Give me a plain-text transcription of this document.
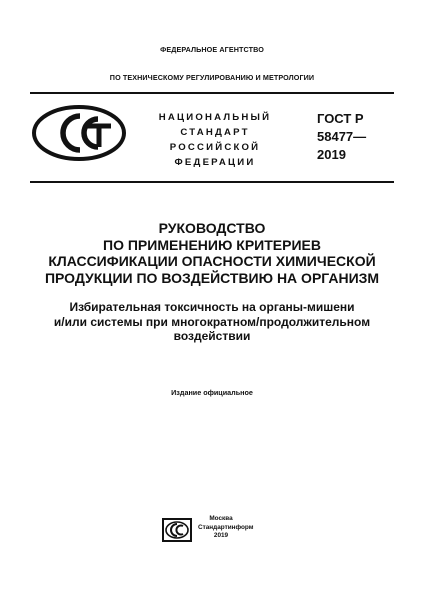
ФЕДЕРАЛЬНОЕ АГЕНТСТВО
ПО ТЕХНИЧЕСКОМУ РЕГУЛИРОВАНИЮ И МЕТРОЛОГИИ
НАЦИОНАЛЬНЫЙ
СТАНДАРТ
РОССИЙСКОЙ
ФЕДЕРАЦИИ
ГОСТ Р
58477—
2019
РУКОВОДСТВО
ПО ПРИМЕНЕНИЮ КРИТЕРИЕВ
КЛАССИФИКАЦИИ ОПАСНОСТИ ХИМИЧЕСКОЙ
ПРОДУКЦИИ ПО ВОЗДЕЙСТВИЮ НА ОРГАНИЗМ
Избирательная токсичность на органы-мишени
и/или системы при многократном/продолжительном
воздействии
Издание официальное
Москва
Стандартинформ
2019
